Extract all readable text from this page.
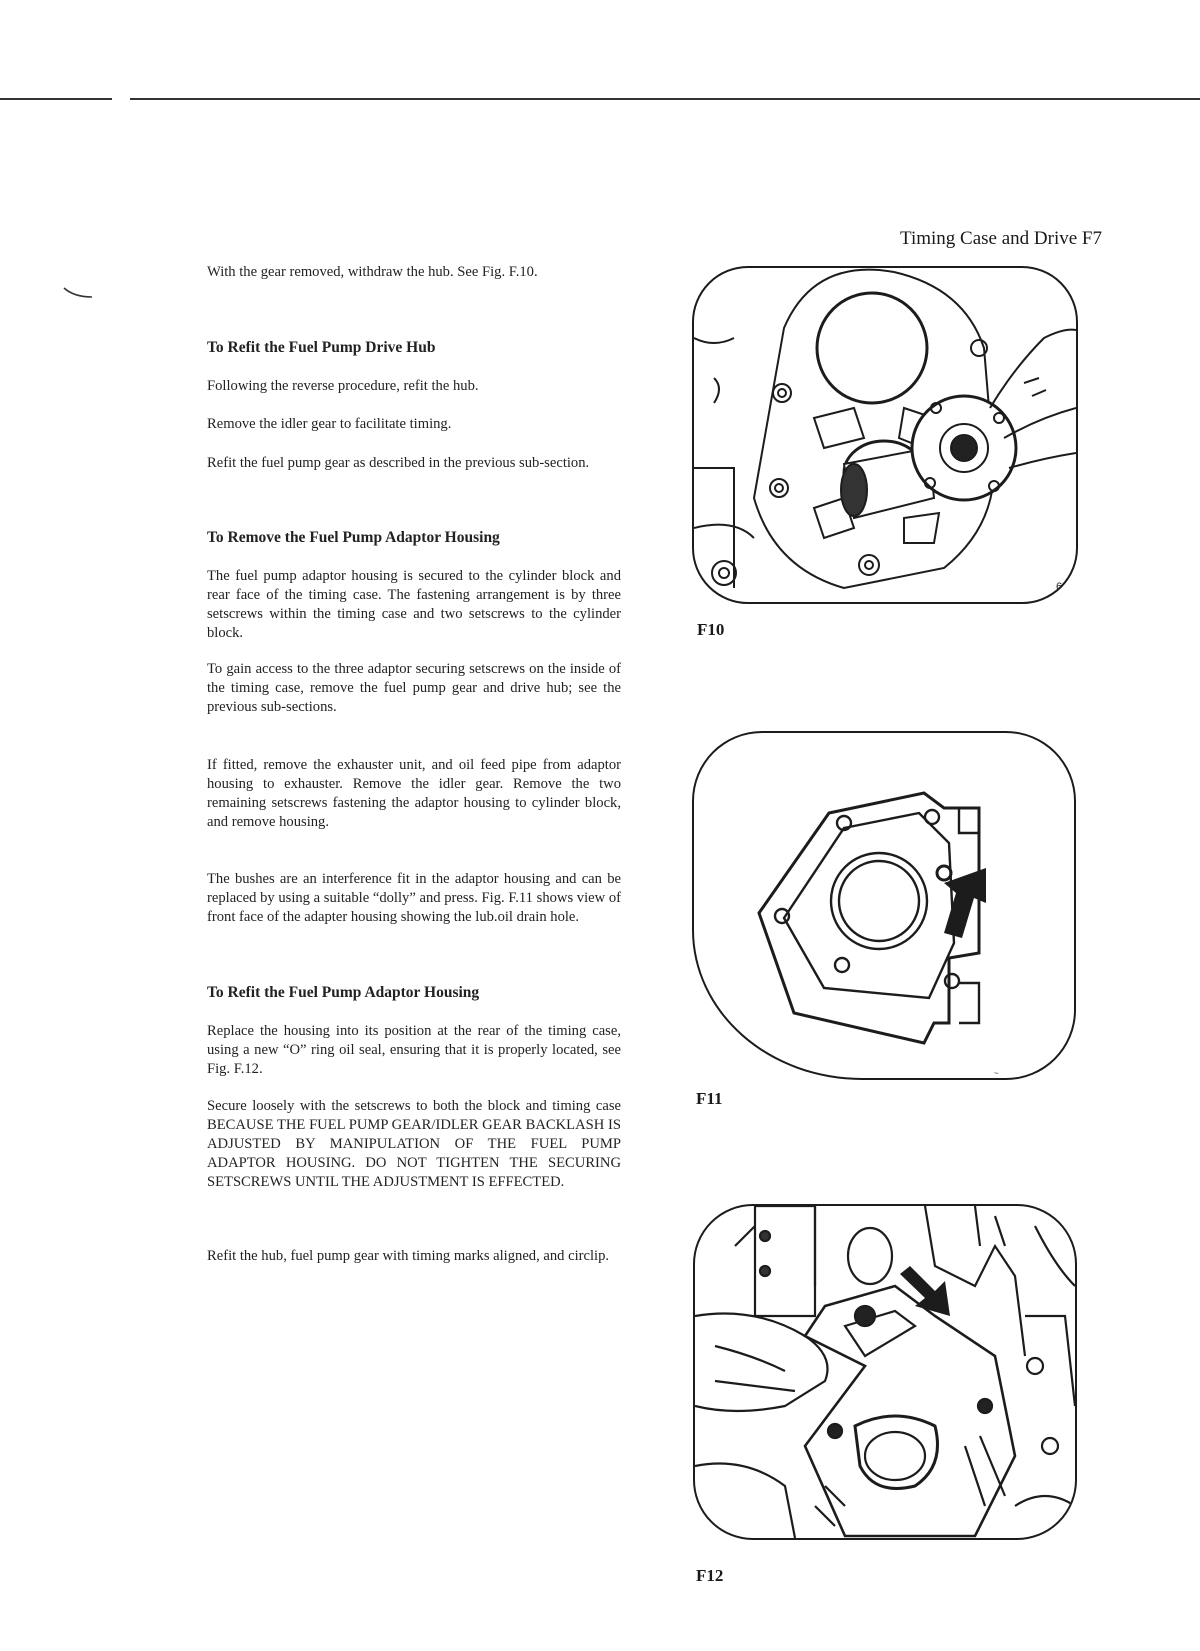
Timing Case and Drive F7

With the gear removed, withdraw the hub. See Fig. F.10.

To Refit the Fuel Pump Drive Hub

Following the reverse procedure, refit the hub.

Remove the idler gear to facilitate timing.

Refit the fuel pump gear as described in the previous sub-section.

To Remove the Fuel Pump Adaptor Housing

The fuel pump adaptor housing is secured to the cylinder block and rear face of the timing case. The fastening arrangement is by three setscrews within the timing case and two setscrews to the cylinder block.

To gain access to the three adaptor securing setscrews on the inside of the timing case, remove the fuel pump gear and drive hub; see the previous sub-sections.

If fitted, remove the exhauster unit, and oil feed pipe from adaptor housing to exhauster. Remove the idler gear. Remove the two remaining setscrews fastening the adaptor housing to cylinder block, and remove housing.

The bushes are an interference fit in the adaptor housing and can be replaced by using a suitable “dolly” and press. Fig. F.11 shows view of front face of the adapter housing showing the lub.oil drain hole.

To Refit the Fuel Pump Adaptor Housing

Replace the housing into its position at the rear of the timing case, using a new “O” ring oil seal, ensuring that it is properly located, see Fig. F.12.

Secure loosely with the setscrews to both the block and timing case BECAUSE THE FUEL PUMP GEAR/IDLER GEAR BACKLASH IS ADJUSTED BY MANIPULATION OF THE FUEL PUMP ADAPTOR HOUSING. DO NOT TIGHTEN THE SECURING SETSCREWS UNTIL THE ADJUSTMENT IS EFFECTED.

Refit the hub, fuel pump gear with timing marks aligned, and circlip.

61
F10
~
F11
F12
